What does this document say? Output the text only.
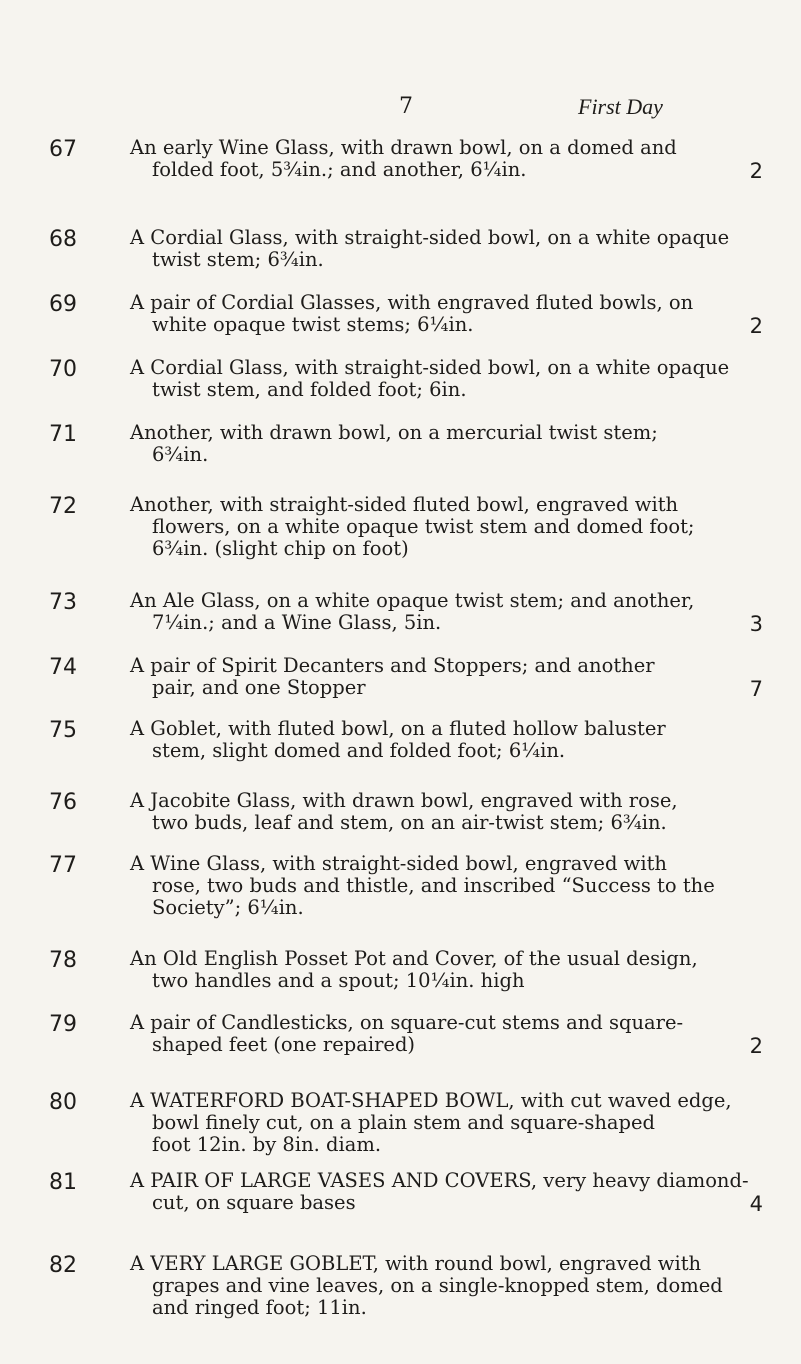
7	First Day
67	An early Wine Glass, with drawn bowl, on a domed and
folded foot, 5¾in.; and another, 6¼in.	2
68	A Cordial Glass, with straight-sided bowl, on a white opaque
twist stem; 6¾in.
69	A pair of Cordial Glasses, with engraved fluted bowls, on
white opaque twist stems; 6¼in.	2
70	A Cordial Glass, with straight-sided bowl, on a white opaque
twist stem, and folded foot; 6in.
71	Another, with drawn bowl, on a mercurial twist stem;
6¾in.
72	Another, with straight-sided fluted bowl, engraved with
flowers, on a white opaque twist stem and domed foot;
6¾in. (slight chip on foot)
73	An Ale Glass, on a white opaque twist stem; and another,
7¼in.; and a Wine Glass, 5in.	3
74	A pair of Spirit Decanters and Stoppers; and another
pair, and one Stopper	7
75	A Goblet, with fluted bowl, on a fluted hollow baluster
stem, slight domed and folded foot; 6¼in.
76	A Jacobite Glass, with drawn bowl, engraved with rose,
two buds, leaf and stem, on an air-twist stem; 6¾in.
77	A Wine Glass, with straight-sided bowl, engraved with
rose, two buds and thistle, and inscribed “Success to the
Society”; 6¼in.
78	An Old English Posset Pot and Cover, of the usual design,
two handles and a spout; 10¼in. high
79	A pair of Candlesticks, on square-cut stems and square-
shaped feet (one repaired)	2
80	A WATERFORD BOAT-SHAPED BOWL, with cut waved edge,
bowl finely cut, on a plain stem and square-shaped
foot 12in. by 8in. diam.
81	A PAIR OF LARGE VASES AND COVERS, very heavy diamond-
cut, on square bases	4
82	A VERY LARGE GOBLET, with round bowl, engraved with
grapes and vine leaves, on a single-knopped stem, domed
and ringed foot; 11in.
